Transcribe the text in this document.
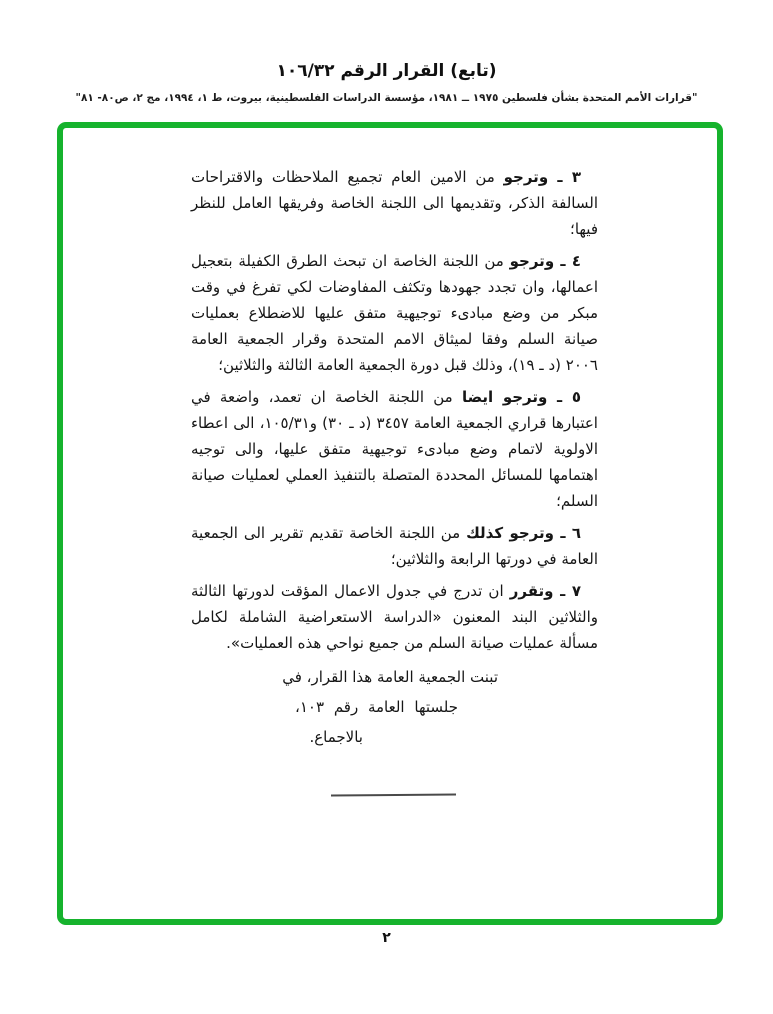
(تابع) القرار الرقم ١٠٦/٣٢
"قرارات الأمم المتحدة بشأن فلسطين ١٩٧٥ ــ ١٩٨١، مؤسسة الدراسات الفلسطينية، بيروت، ط ١، ١٩٩٤، مج ٢، ص٨٠- ٨١"

٣ ـ وترجو من الامين العام تجميع الملاحظات والاقتراحات السالفة الذكر، وتقديمها الى اللجنة الخاصة وفريقها العامل للنظر فيها؛

٤ ـ وترجو من اللجنة الخاصة ان تبحث الطرق الكفيلة بتعجيل اعمالها، وان تجدد جهودها وتكثف المفاوضات لكي تفرغ في وقت مبكر من وضع مبادىء توجيهية متفق عليها للاضطلاع بعمليات صيانة السلم وفقا لميثاق الامم المتحدة وقرار الجمعية العامة ٢٠٠٦ (د ـ ١٩)، وذلك قبل دورة الجمعية العامة الثالثة والثلاثين؛

٥ ـ وترجو ايضا من اللجنة الخاصة ان تعمد، واضعة في اعتبارها قراري الجمعية العامة ٣٤٥٧ (د ـ ٣٠) و١٠٥/٣١، الى اعطاء الاولوية لاتمام وضع مبادىء توجيهية متفق عليها، والى توجيه اهتمامها للمسائل المحددة المتصلة بالتنفيذ العملي لعمليات صيانة السلم؛

٦ ـ وترجو كذلك من اللجنة الخاصة تقديم تقرير الى الجمعية العامة في دورتها الرابعة والثلاثين؛

٧ ـ وتقرر ان تدرج في جدول الاعمال المؤقت لدورتها الثالثة والثلاثين البند المعنون «الدراسة الاستعراضية الشاملة لكامل مسألة عمليات صيانة السلم من جميع نواحي هذه العمليات».

تبنت الجمعية العامة هذا القرار، في
جلستها العامة رقم ١٠٣،
بالاجماع.
٢
